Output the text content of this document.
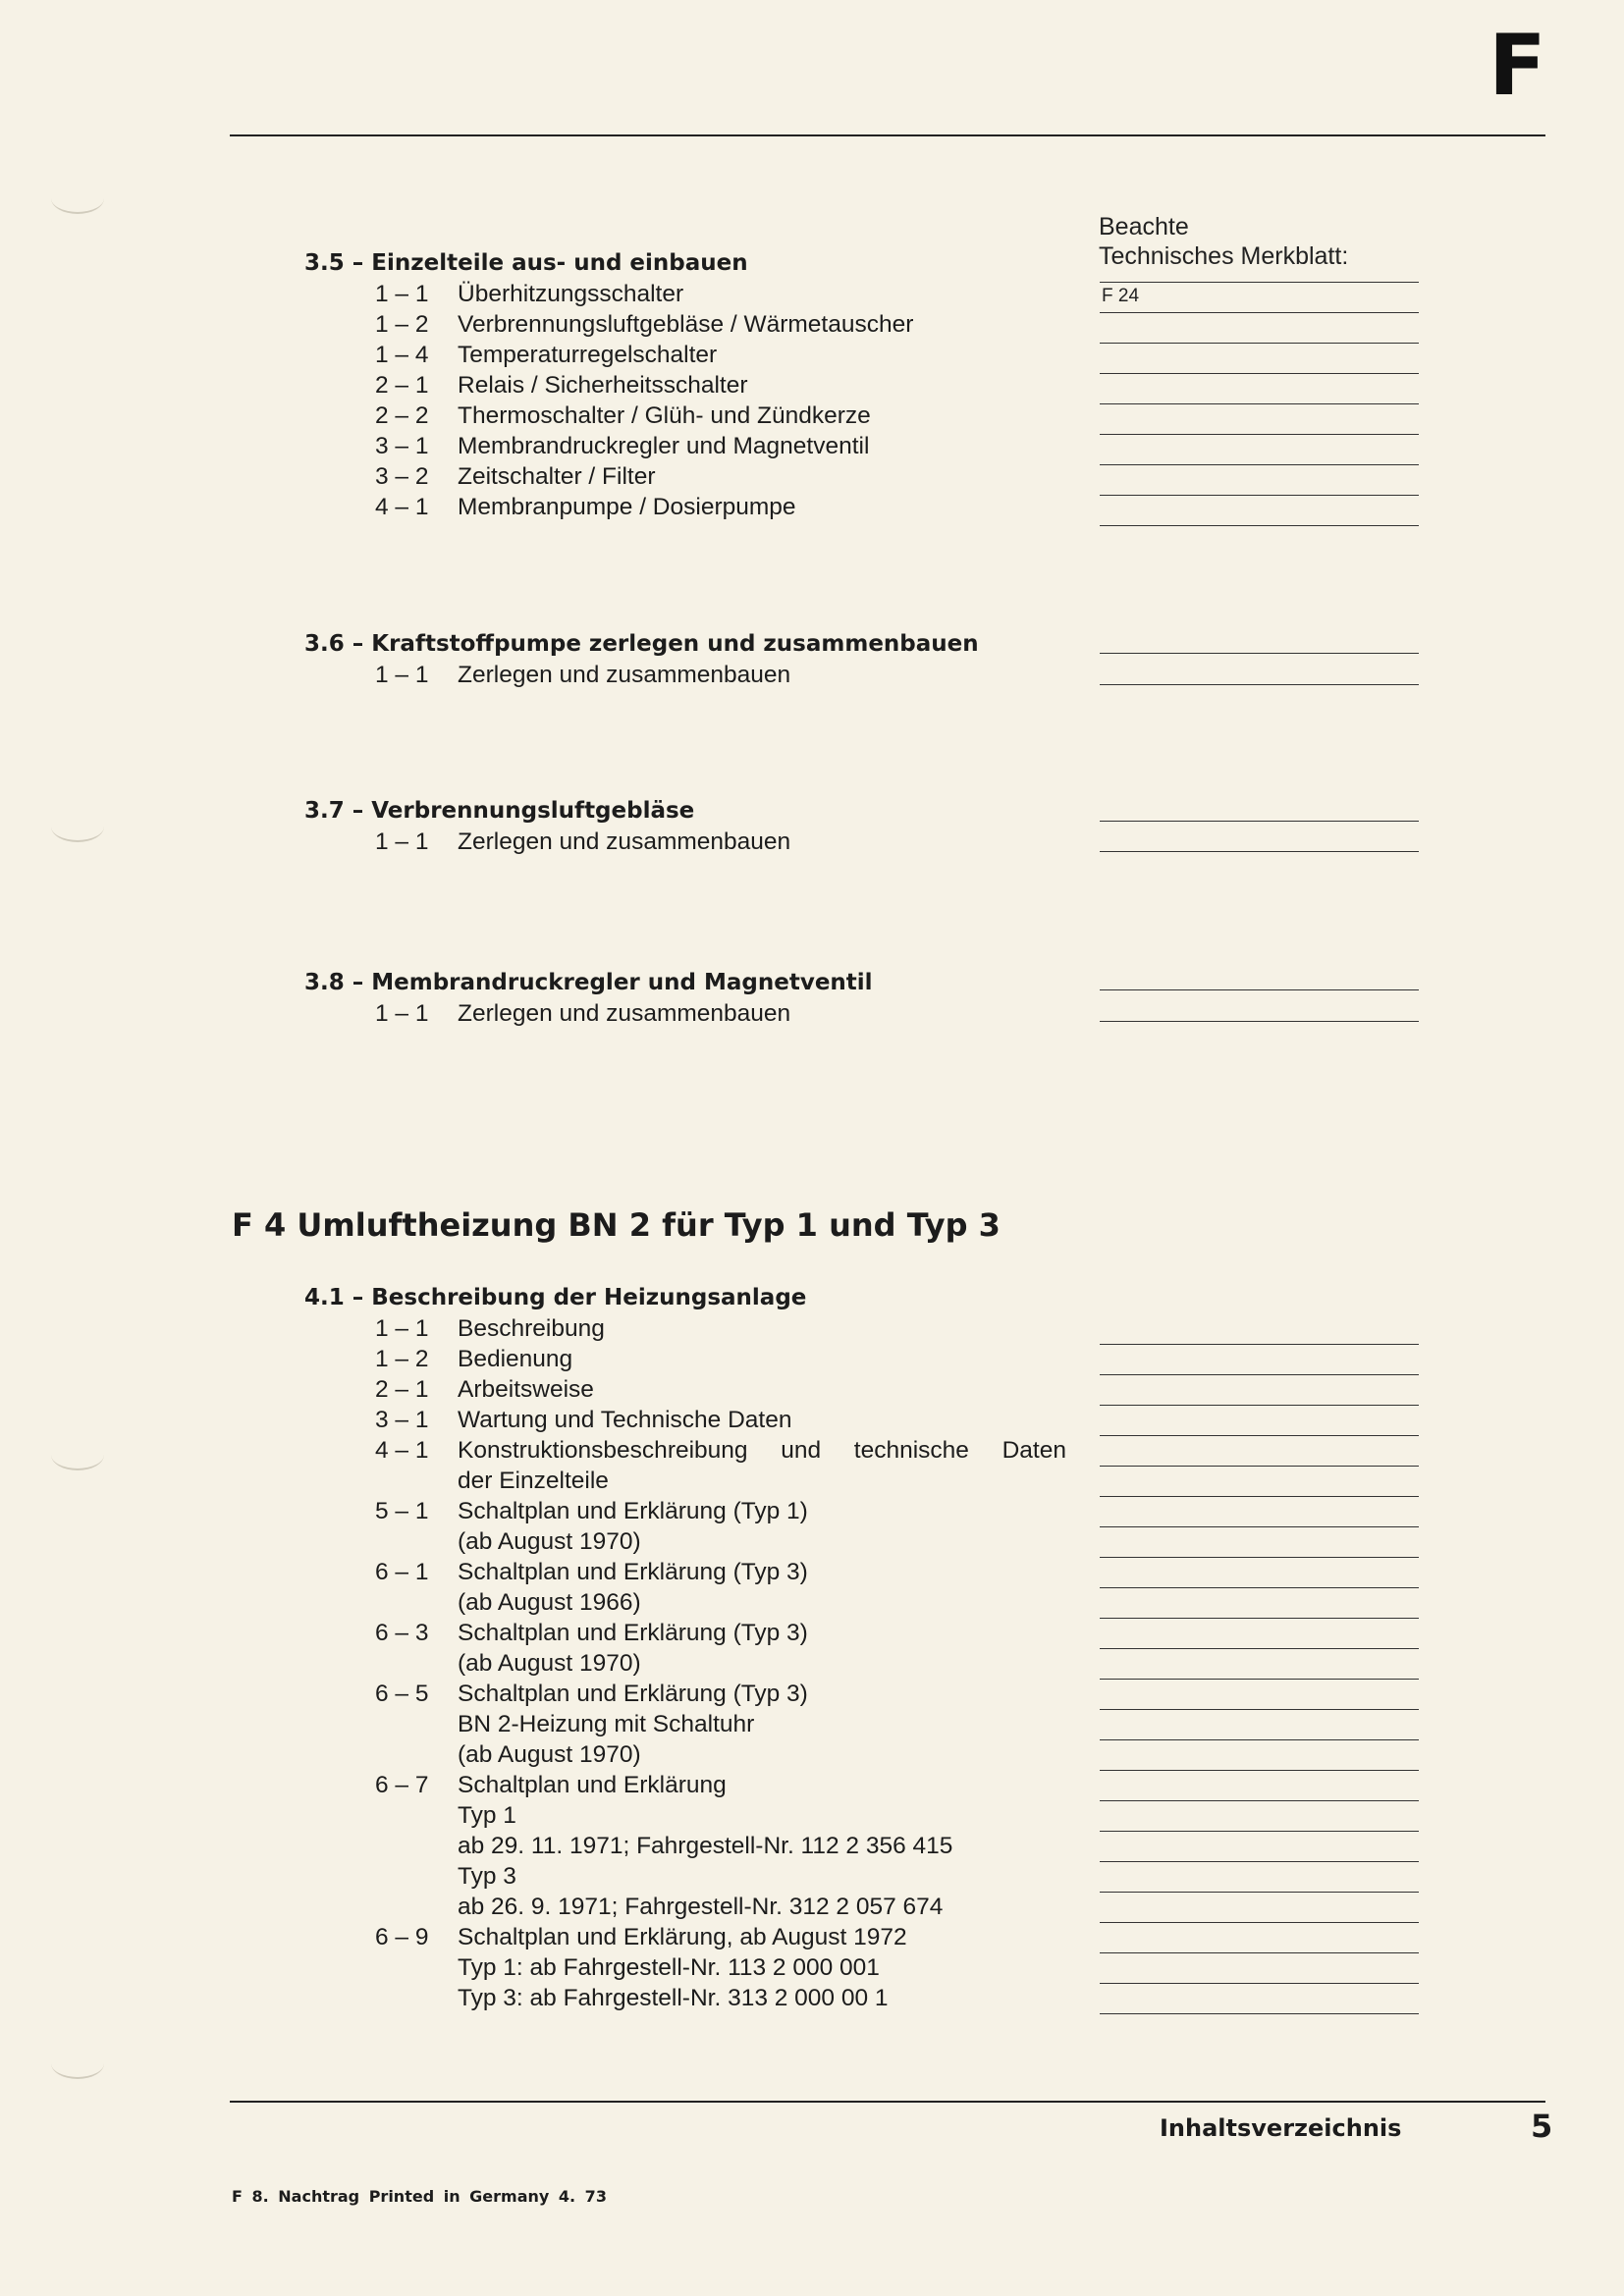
F
Beachte
Technisches Merkblatt:
3.5 – Einzelteile aus- und einbauen
F 24
1 – 1 Überhitzungsschalter
1 – 2 Verbrennungsluftgebläse / Wärmetauscher
1 – 4 Temperaturregelschalter
2 – 1 Relais / Sicherheitsschalter
2 – 2 Thermoschalter / Glüh- und Zündkerze
3 – 1 Membrandruckregler und Magnetventil
3 – 2 Zeitschalter / Filter
4 – 1 Membranpumpe / Dosierpumpe
3.6 – Kraftstoffpumpe zerlegen und zusammenbauen
1 – 1 Zerlegen und zusammenbauen
3.7 – Verbrennungsluftgebläse
1 – 1 Zerlegen und zusammenbauen
3.8 – Membrandruckregler und Magnetventil
1 – 1 Zerlegen und zusammenbauen
4.1 – Beschreibung der Heizungsanlage
1 – 1 Beschreibung
1 – 2 Bedienung
2 – 1 Arbeitsweise
3 – 1 Wartung und Technische Daten
4 – 1 Konstruktionsbeschreibung und technische Daten
der Einzelteile
5 – 1 Schaltplan und Erklärung (Typ 1)
(ab August 1970)
6 – 1 Schaltplan und Erklärung (Typ 3)
(ab August 1966)
6 – 3 Schaltplan und Erklärung (Typ 3)
(ab August 1970)
6 – 5 Schaltplan und Erklärung (Typ 3)
BN 2-Heizung mit Schaltuhr
(ab August 1970)
6 – 7 Schaltplan und Erklärung
Typ 1
ab 29. 11. 1971; Fahrgestell-Nr. 112 2 356 415
Typ 3
ab 26. 9. 1971; Fahrgestell-Nr. 312 2 057 674
6 – 9 Schaltplan und Erklärung, ab August 1972
Typ 1: ab Fahrgestell-Nr. 113 2 000 001
Typ 3: ab Fahrgestell-Nr. 313 2 000 00 1
F 4 Umluftheizung BN 2 für Typ 1 und Typ 3
Inhaltsverzeichnis	5
F 8. Nachtrag Printed in Germany 4. 73
